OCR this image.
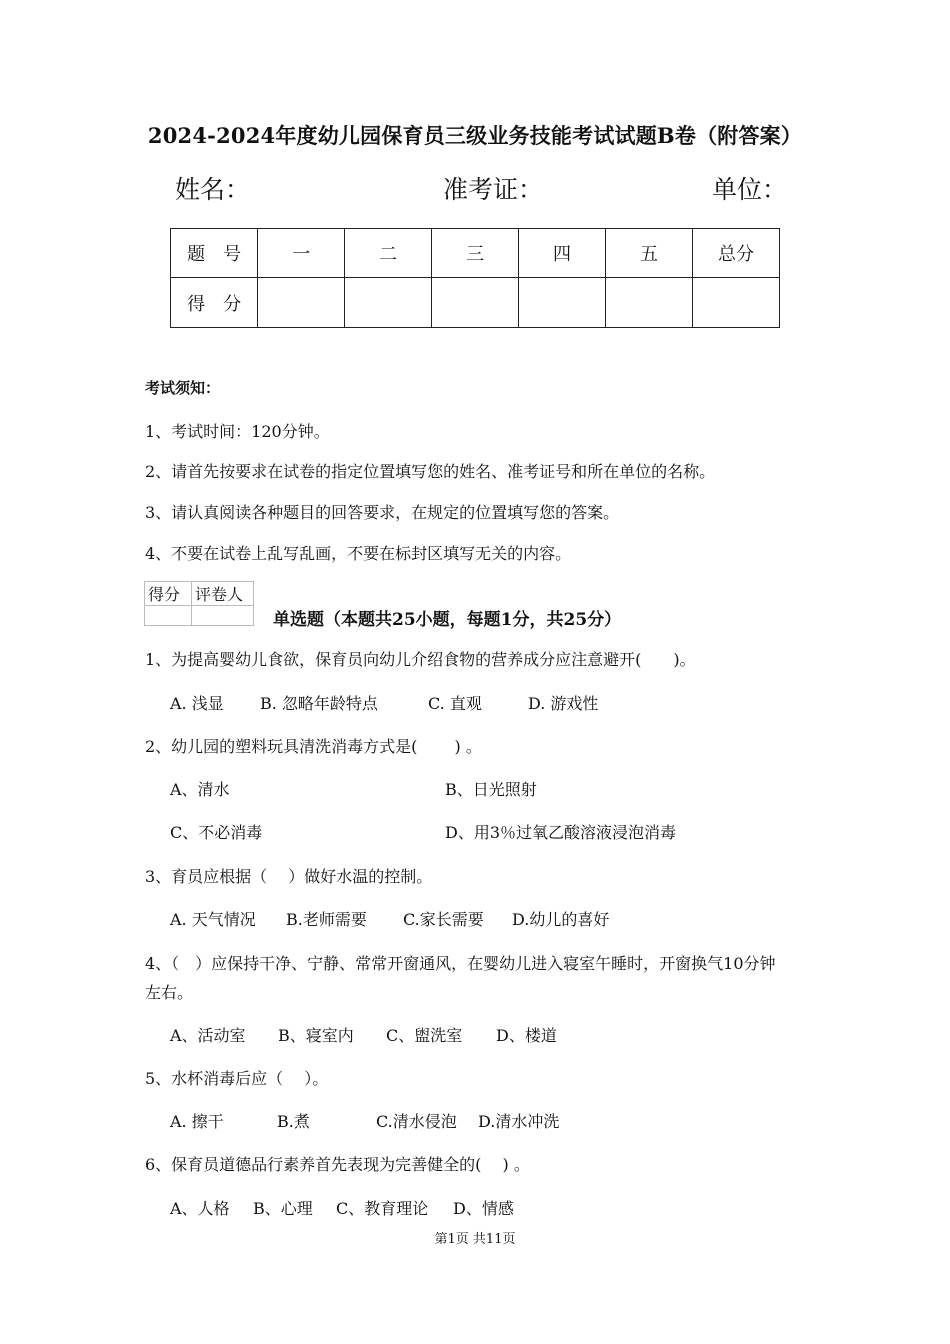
2024-2024年度幼儿园保育员三级业务技能考试试题B卷（附答案）
姓名：	准考证：	单位：
题　号	一	二	三	四	五	总分
得　分						
考试须知：
1、考试时间：120分钟。
2、请首先按要求在试卷的指定位置填写您的姓名、准考证号和所在单位的名称。
3、请认真阅读各种题目的回答要求，在规定的位置填写您的答案。
4、不要在试卷上乱写乱画，不要在标封区填写无关的内容。
得分	评卷人

单选题（本题共25小题，每题1分，共25分）
1、为提高婴幼儿食欲，保育员向幼儿介绍食物的营养成分应注意避开(　　)。
A. 浅显 B. 忽略年龄特点	C. 直观	D. 游戏性
2、幼儿园的塑料玩具清洗消毒方式是(　　 ) 。
A、清水	B、日光照射
C、不必消毒	D、用3％过氧乙酸溶液浸泡消毒
3、育员应根据（　 ）做好水温的控制。
A. 天气情况 B.老师需要 C.家长需要 D.幼儿的喜好
4、（　）应保持干净、宁静、常常开窗通风，在婴幼儿进入寝室午睡时，开窗换气10分钟
左右。
A、活动室 B、寝室内 C、盥洗室 D、楼道
5、水杯消毒后应（　 ）。
A. 擦干	B.煮	C.清水侵泡 D.清水冲洗
6、保育员道德品行素养首先表现为完善健全的(　 ) 。
A、人格 B、心理 C、教育理论 D、情感
第1页 共11页
